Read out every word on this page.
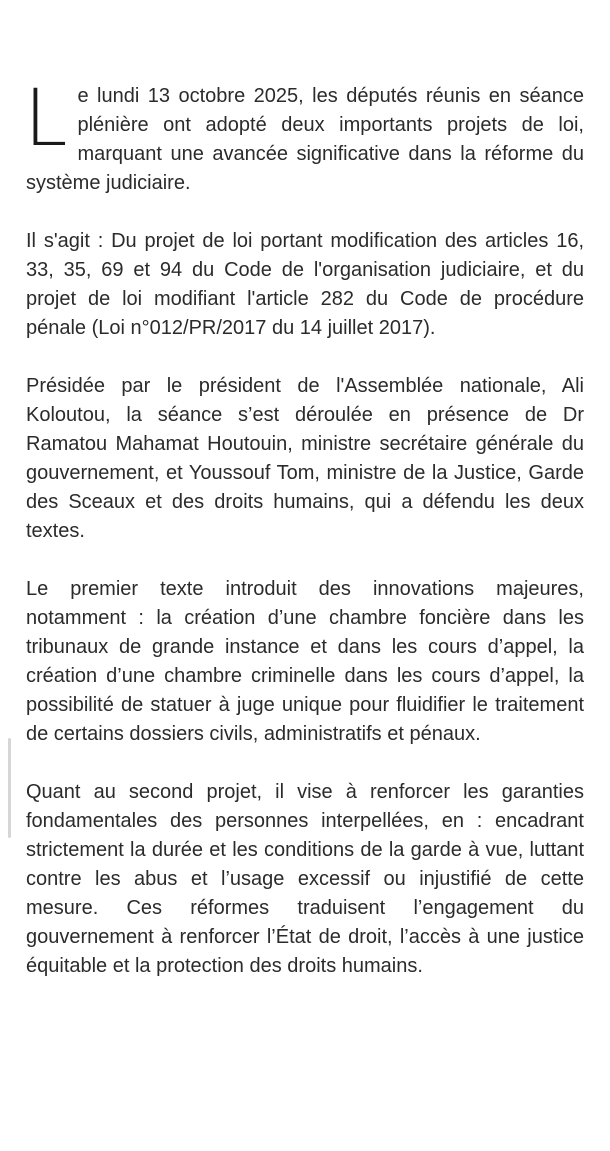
Le lundi 13 octobre 2025, les députés réunis en séance plénière ont adopté deux importants projets de loi, marquant une avancée significative dans la réforme du système judiciaire.

Il s'agit : Du projet de loi portant modification des articles 16, 33, 35, 69 et 94 du Code de l'organisation judiciaire, et du projet de loi modifiant l'article 282 du Code de procédure pénale (Loi n°012/PR/2017 du 14 juillet 2017).

Présidée par le président de l'Assemblée nationale, Ali Koloutou, la séance s’est déroulée en présence de Dr Ramatou Mahamat Houtouin, ministre secrétaire générale du gouvernement, et Youssouf Tom, ministre de la Justice, Garde des Sceaux et des droits humains, qui a défendu les deux textes.

Le premier texte introduit des innovations majeures, notamment : la création d’une chambre foncière dans les tribunaux de grande instance et dans les cours d’appel, la création d’une chambre criminelle dans les cours d’appel, la possibilité de statuer à juge unique pour fluidifier le traitement de certains dossiers civils, administratifs et pénaux.

Quant au second projet, il vise à renforcer les garanties fondamentales des personnes interpellées, en : encadrant strictement la durée et les conditions de la garde à vue, luttant contre les abus et l’usage excessif ou injustifié de cette mesure. Ces réformes traduisent l’engagement du gouvernement à renforcer l’État de droit, l’accès à une justice équitable et la protection des droits humains.
